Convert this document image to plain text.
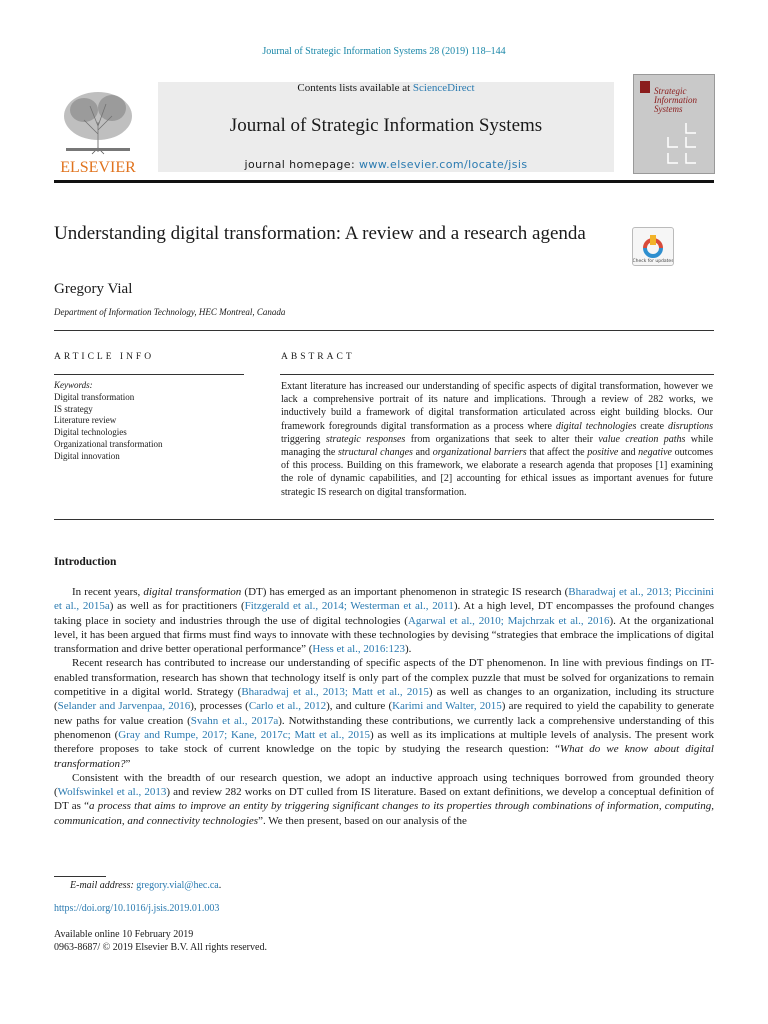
Journal of Strategic Information Systems 28 (2019) 118–144
Contents lists available at ScienceDirect
Journal of Strategic Information Systems
journal homepage: www.elsevier.com/locate/jsis
ELSEVIER
Strategic Information Systems
Understanding digital transformation: A review and a research agenda
Check for updates
Gregory Vial
Department of Information Technology, HEC Montreal, Canada
ARTICLE INFO	ABSTRACT
Keywords:
Digital transformation
IS strategy
Literature review
Digital technologies
Organizational transformation
Digital innovation
Extant literature has increased our understanding of specific aspects of digital transformation, however we lack a comprehensive portrait of its nature and implications. Through a review of 282 works, we inductively build a framework of digital transformation articulated across eight building blocks. Our framework foregrounds digital transformation as a process where digital technologies create disruptions triggering strategic responses from organizations that seek to alter their value creation paths while managing the structural changes and organizational barriers that affect the positive and negative outcomes of this process. Building on this framework, we elaborate a research agenda that proposes [1] examining the role of dynamic capabilities, and [2] accounting for ethical issues as important avenues for future strategic IS research on digital transformation.
Introduction

In recent years, digital transformation (DT) has emerged as an important phenomenon in strategic IS research (Bharadwaj et al., 2013; Piccinini et al., 2015a) as well as for practitioners (Fitzgerald et al., 2014; Westerman et al., 2011). At a high level, DT encompasses the profound changes taking place in society and industries through the use of digital technologies (Agarwal et al., 2010; Majchrzak et al., 2016). At the organizational level, it has been argued that firms must find ways to innovate with these technologies by devising “strategies that embrace the implications of digital transformation and drive better operational performance” (Hess et al., 2016:123).

Recent research has contributed to increase our understanding of specific aspects of the DT phenomenon. In line with previous findings on IT-enabled transformation, research has shown that technology itself is only part of the complex puzzle that must be solved for organizations to remain competitive in a digital world. Strategy (Bharadwaj et al., 2013; Matt et al., 2015) as well as changes to an organization, including its structure (Selander and Jarvenpaa, 2016), processes (Carlo et al., 2012), and culture (Karimi and Walter, 2015) are required to yield the capability to generate new paths for value creation (Svahn et al., 2017a). Notwithstanding these contributions, we currently lack a comprehensive understanding of this phenomenon (Gray and Rumpe, 2017; Kane, 2017c; Matt et al., 2015) as well as its implications at multiple levels of analysis. The present work therefore proposes to take stock of current knowledge on the topic by studying the research question: “What do we know about digital transformation?”

Consistent with the breadth of our research question, we adopt an inductive approach using techniques borrowed from grounded theory (Wolfswinkel et al., 2013) and review 282 works on DT culled from IS literature. Based on extant definitions, we develop a conceptual definition of DT as “a process that aims to improve an entity by triggering significant changes to its properties through combinations of information, computing, communication, and connectivity technologies”. We then present, based on our analysis of the

E-mail address: gregory.vial@hec.ca.
https://doi.org/10.1016/j.jsis.2019.01.003
Available online 10 February 2019
0963-8687/ © 2019 Elsevier B.V. All rights reserved.
